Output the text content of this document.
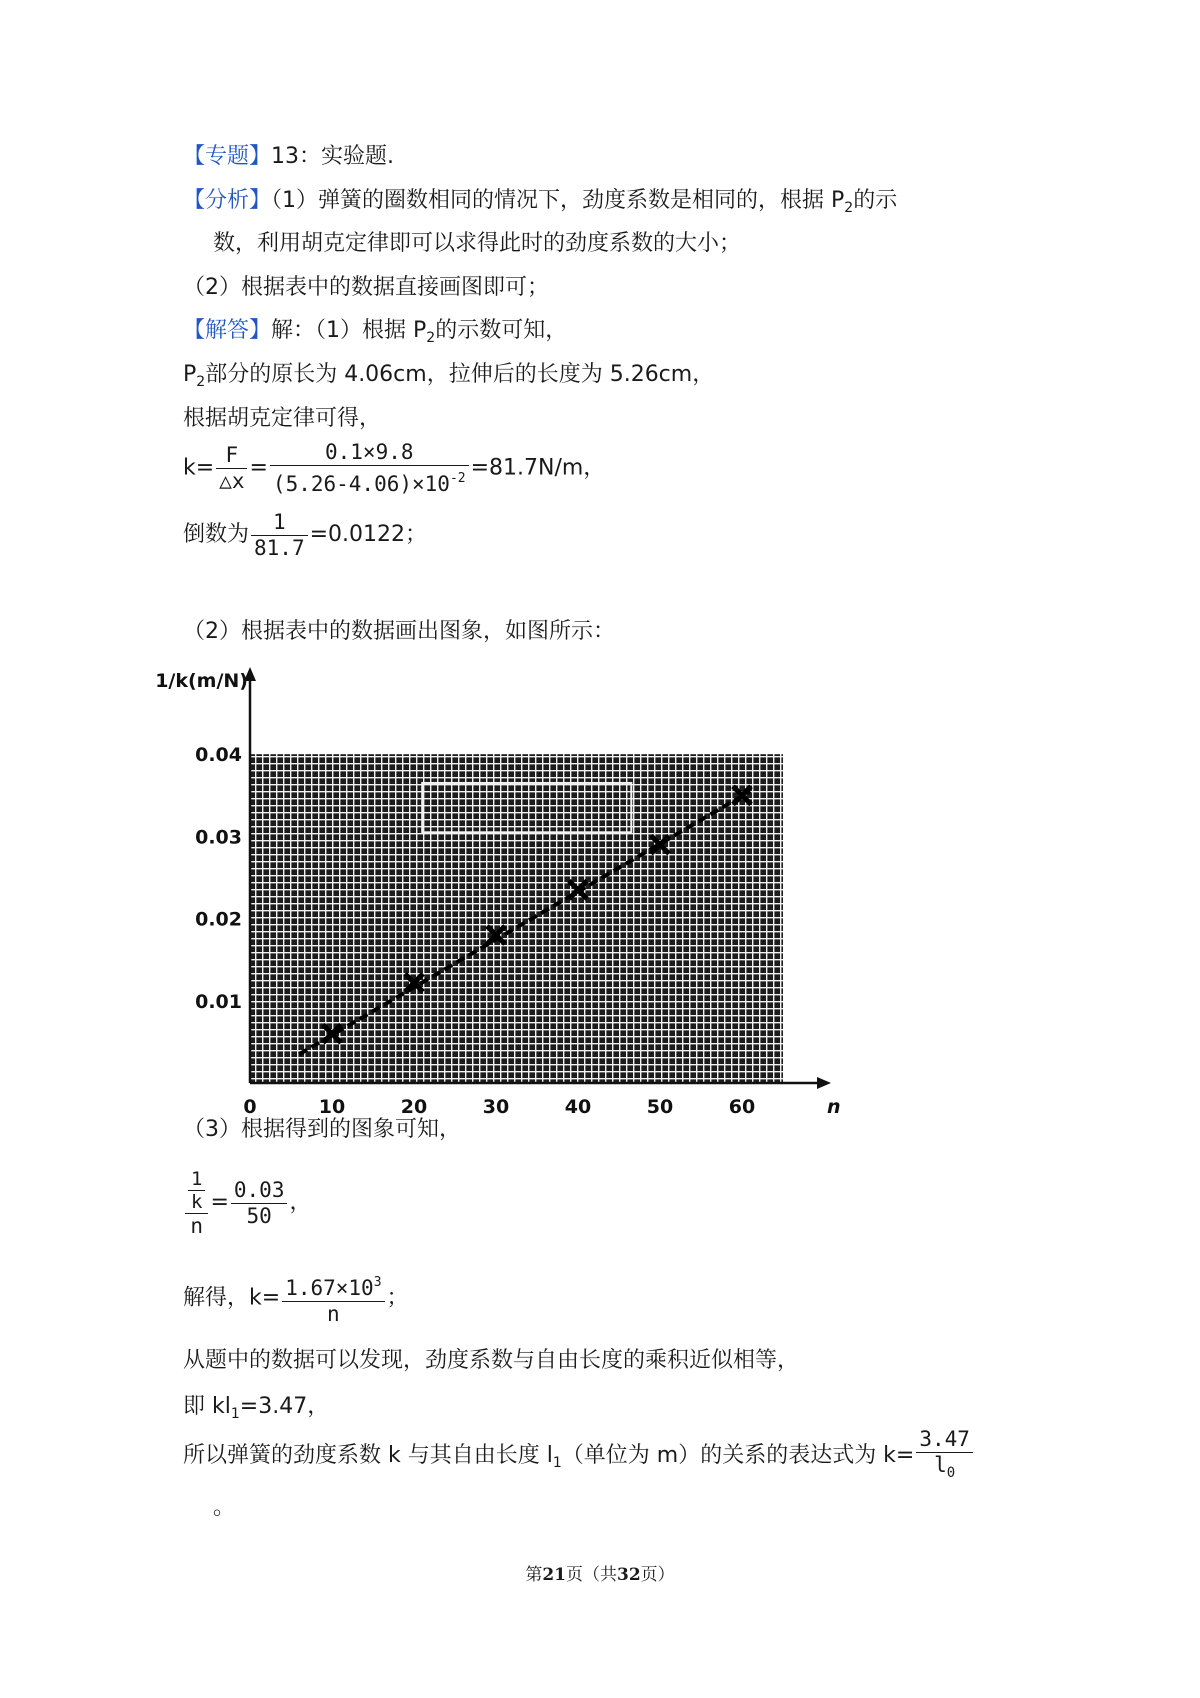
【专题】13：实验题.
【分析】（1）弹簧的圈数相同的情况下，劲度系数是相同的，根据 $P_2$的示
数，利用胡克定律即可以求得此时的劲度系数的大小；
（2）根据表中的数据直接画图即可；
【解答】解：（1）根据 $P_2$的示数可知，
$P_2$部分的原长为 4.06cm，拉伸后的长度为 5.26cm，
根据胡克定律可得，
$k= \frac{F}{\triangle x} = \frac{0.1\times 9.8}{(5.26-4.06)\times 10^{-2}} =81.7N/m$，
倒数为 $\frac{1}{81.7} =0.0122$；
（2）根据表中的数据画出图象，如图所示：
0	10	20	30	40	50	60
0.01
0.02
0.03
0.04
1/k(m/N)
n
（3）根据得到的图象可知，
$\frac{\frac{1}{k}}{n} = \frac{0.03}{50}$ ，
解得，$k= \frac{1.67\times 10^3}{n}$ ；
从题中的数据可以发现，劲度系数与自由长度的乘积近似相等，
即 $kl_1=3.47$，
所以弹簧的劲度系数 k 与其自由长度 $l_1$（单位为 m）的关系的表达式为 $k= \frac{3.47}{l_0}$
。
第21页（共32页）
